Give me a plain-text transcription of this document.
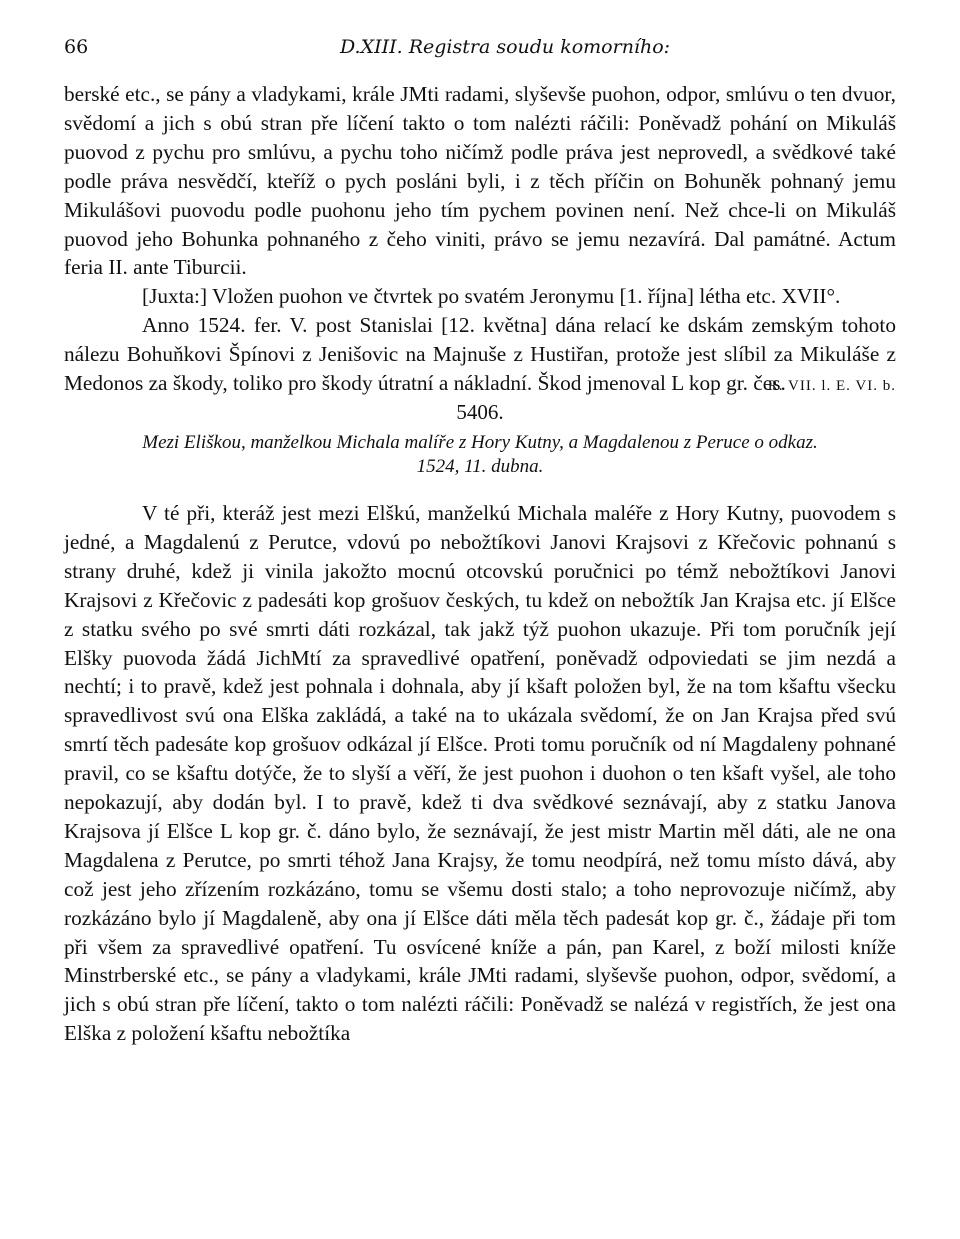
66	D.XIII. Registra soudu komorního:

berské etc., se pány a vladykami, krále JMti radami, slyševše puohon, odpor, smlúvu o ten dvuor, svědomí a jich s obú stran pře líčení takto o tom nalézti ráčili: Poněvadž pohání on Mikuláš puovod z pychu pro smlúvu, a pychu toho ničímž podle práva jest neprovedl, a svědkové také podle práva nesvědčí, kteříž o pych posláni byli, i z těch příčin on Bohuněk pohnaný jemu Mikulášovi puovodu podle puohonu jeho tím pychem povinen není. Než chce-li on Mikuláš puovod jeho Bohunka pohnaného z čeho viniti, právo se jemu nezavírá. Dal památné. Actum feria II. ante Tiburcii.

[Juxta:] Vložen puohon ve čtvrtek po svatém Jeronymu [1. října] létha etc. XVII°.

Anno 1524. fer. V. post Stanislai [12. května] dána relací ke dskám zemským tohoto nálezu Bohuňkovi Špínovi z Jenišovic na Majnuše z Hustiřan, protože jest slíbil za Mikuláše z Medonos za škody, toliko pro škody útratní a nákladní. Škod jmenoval L kop gr. čes.

R. VII. l. E. VI. b.
5406.
Mezi Eliškou, manželkou Michala malíře z Hory Kutny, a Magdalenou z Peruce o odkaz.
1524, 11. dubna.

V té při, kteráž jest mezi Elškú, manželkú Michala maléře z Hory Kutny, puovodem s jedné, a Magdalenú z Perutce, vdovú po nebožtíkovi Janovi Krajsovi z Křečovic pohnanú s strany druhé, kdež ji vinila jakožto mocnú otcovskú poručnici po témž nebožtíkovi Janovi Krajsovi z Křečovic z padesáti kop grošuov českých, tu kdež on nebožtík Jan Krajsa etc. jí Elšce z statku svého po své smrti dáti rozkázal, tak jakž týž puohon ukazuje. Při tom poručník její Elšky puovoda žádá JichMtí za spravedlivé opatření, poněvadž odpoviedati se jim nezdá a nechtí; i to pravě, kdež jest pohnala i dohnala, aby jí kšaft položen byl, že na tom kšaftu všecku spravedlivost svú ona Elška zakládá, a také na to ukázala svědomí, že on Jan Krajsa před svú smrtí těch padesáte kop grošuov odkázal jí Elšce. Proti tomu poručník od ní Magdaleny pohnané pravil, co se kšaftu dotýče, že to slyší a věří, že jest puohon i duohon o ten kšaft vyšel, ale toho nepokazují, aby dodán byl. I to pravě, kdež ti dva svědkové seznávají, aby z statku Janova Krajsova jí Elšce L kop gr. č. dáno bylo, že seznávají, že jest mistr Martin měl dáti, ale ne ona Magdalena z Perutce, po smrti téhož Jana Krajsy, že tomu neodpírá, než tomu místo dává, aby což jest jeho zřízením rozkázáno, tomu se všemu dosti stalo; a toho neprovozuje ničímž, aby rozkázáno bylo jí Magdaleně, aby ona jí Elšce dáti měla těch padesát kop gr. č., žádaje při tom při všem za spravedlivé opatření. Tu osvícené kníže a pán, pan Karel, z boží milosti kníže Minstrberské etc., se pány a vladykami, krále JMti radami, slyševše puohon, odpor, svědomí, a jich s obú stran pře líčení, takto o tom nalézti ráčili: Poněvadž se nalézá v registřích, že jest ona Elška z položení kšaftu nebožtíka
